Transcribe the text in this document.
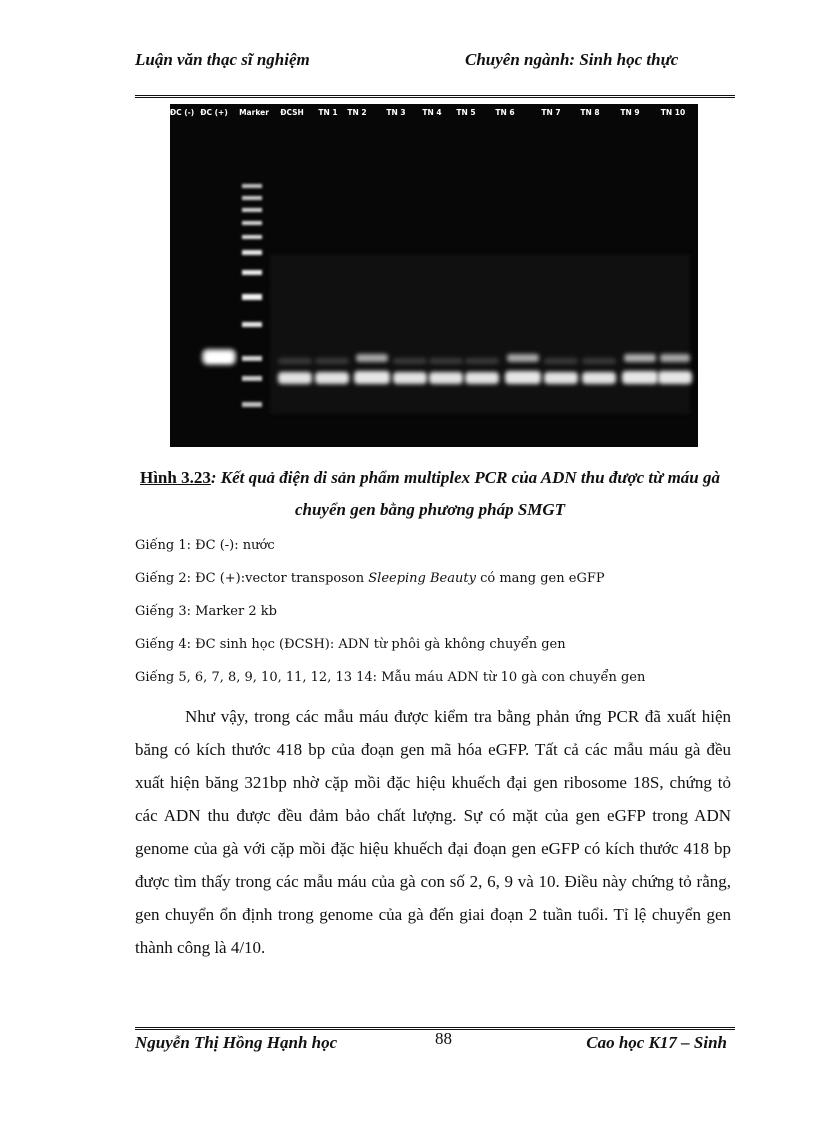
Luận văn thạc sĩ nghiệm	Chuyên ngành: Sinh học thực
ĐC (-) ĐC (+) Marker ĐCSH TN 1 TN 2	TN 3 TN 4 TN 5	TN 6	TN 7	TN 8	TN 9	TN 10
Hình 3.23: Kết quả điện di sản phẩm multiplex PCR của ADN thu được từ máu gà chuyển gen bằng phương pháp SMGT
Giếng 1: ĐC (-): nước
Giếng 2: ĐC (+):vector transposon Sleeping Beauty có mang gen eGFP
Giếng 3: Marker 2 kb
Giếng 4: ĐC sinh học (ĐCSH): ADN từ phôi gà không chuyển gen
Giếng 5, 6, 7, 8, 9, 10, 11, 12, 13 14: Mẫu máu ADN từ 10 gà con chuyển gen

Như vậy, trong các mẫu máu được kiểm tra bằng phản ứng PCR đã xuất hiện băng có kích thước 418 bp của đoạn gen mã hóa eGFP. Tất cả các mẫu máu gà đều xuất hiện băng 321bp nhờ cặp mồi đặc hiệu khuếch đại gen ribosome 18S, chứng tỏ các ADN thu được đều đảm bảo chất lượng. Sự có mặt của gen eGFP trong ADN genome của gà với cặp mồi đặc hiệu khuếch đại đoạn gen eGFP có kích thước 418 bp được tìm thấy trong các mẫu máu của gà con số 2, 6, 9 và 10. Điều này chứng tỏ rằng, gen chuyển ổn định trong genome của gà đến giai đoạn 2 tuần tuổi. Tỉ lệ chuyển gen thành công là 4/10.

Nguyễn Thị Hồng Hạnh học	88	Cao học K17 – Sinh
